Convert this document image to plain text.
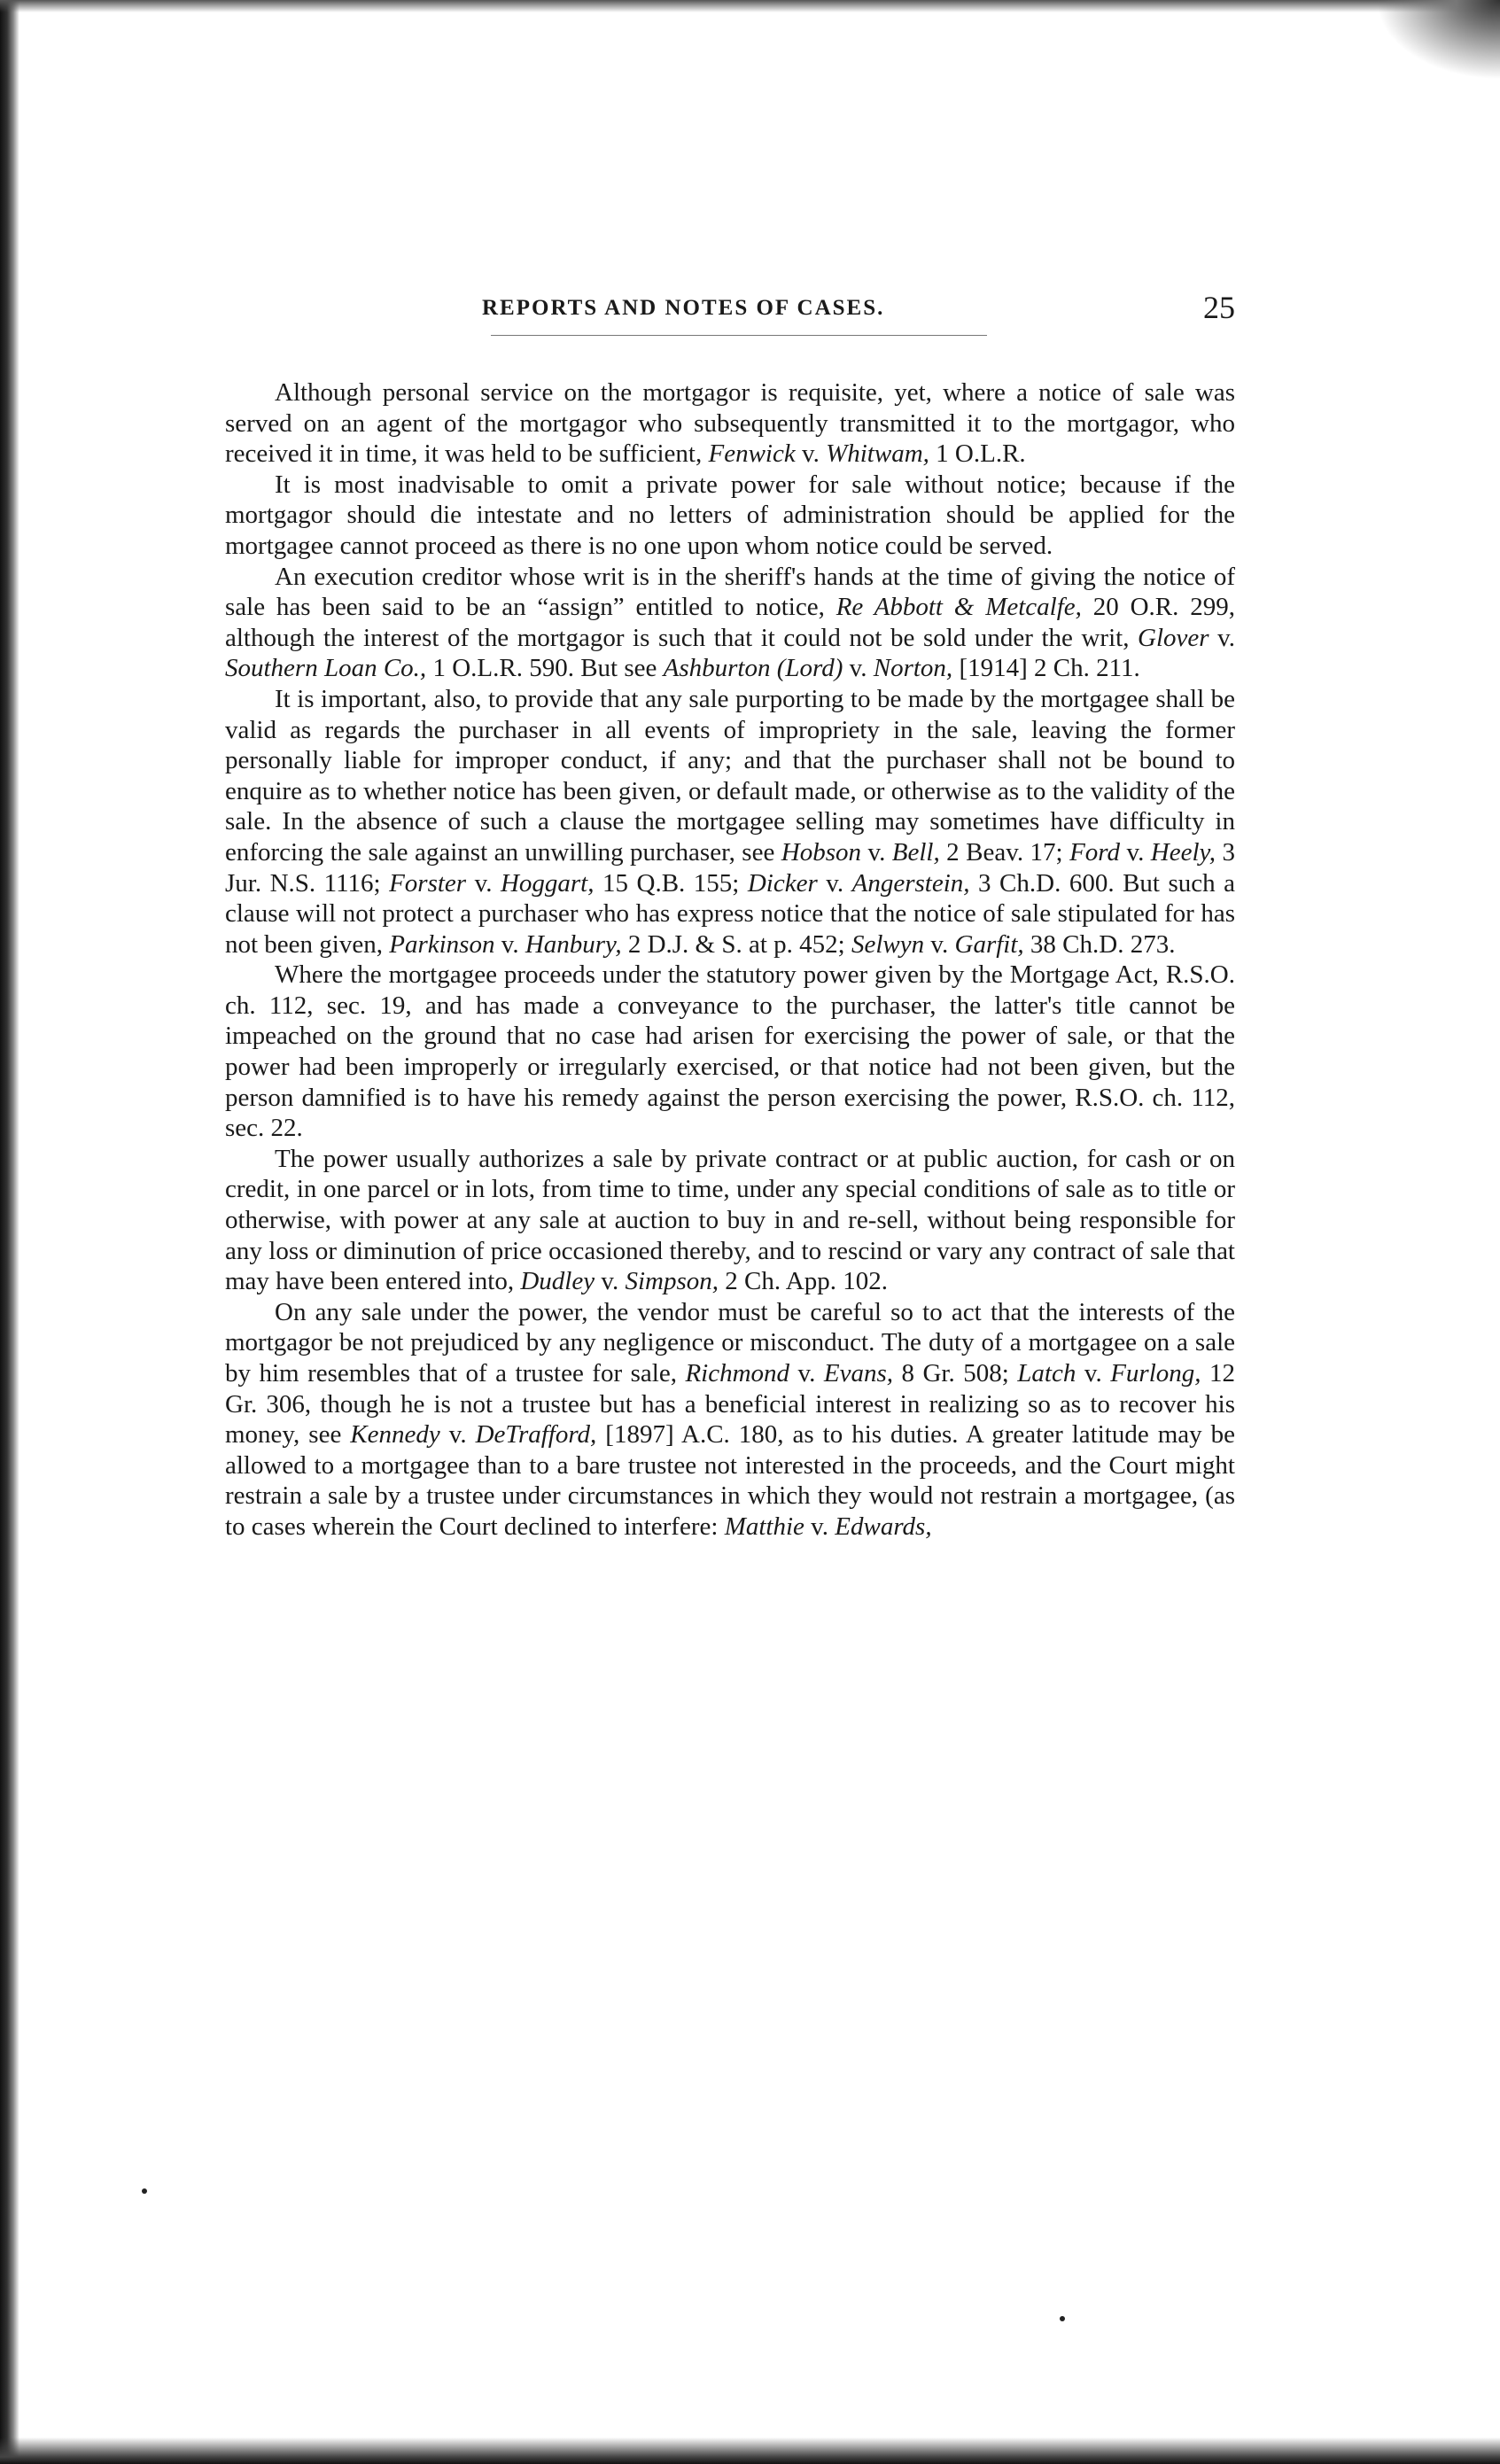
REPORTS AND NOTES OF CASES.	25

Although personal service on the mortgagor is requisite, yet, where a notice of sale was served on an agent of the mortgagor who subsequently transmitted it to the mortgagor, who received it in time, it was held to be sufficient, Fenwick v. Whitwam, 1 O.L.R.

It is most inadvisable to omit a private power for sale without notice; because if the mortgagor should die intestate and no letters of administration should be applied for the mortgagee cannot proceed as there is no one upon whom notice could be served.

An execution creditor whose writ is in the sheriff's hands at the time of giving the notice of sale has been said to be an “assign” entitled to notice, Re Abbott & Metcalfe, 20 O.R. 299, although the interest of the mortgagor is such that it could not be sold under the writ, Glover v. Southern Loan Co., 1 O.L.R. 590. But see Ashburton (Lord) v. Norton, [1914] 2 Ch. 211.

It is important, also, to provide that any sale purporting to be made by the mortgagee shall be valid as regards the purchaser in all events of impropriety in the sale, leaving the former personally liable for improper conduct, if any; and that the purchaser shall not be bound to enquire as to whether notice has been given, or default made, or otherwise as to the validity of the sale. In the absence of such a clause the mortgagee selling may sometimes have difficulty in enforcing the sale against an unwilling purchaser, see Hobson v. Bell, 2 Beav. 17; Ford v. Heely, 3 Jur. N.S. 1116; Forster v. Hoggart, 15 Q.B. 155; Dicker v. Angerstein, 3 Ch.D. 600. But such a clause will not protect a purchaser who has express notice that the notice of sale stipulated for has not been given, Parkinson v. Hanbury, 2 D.J. & S. at p. 452; Selwyn v. Garfit, 38 Ch.D. 273.

Where the mortgagee proceeds under the statutory power given by the Mortgage Act, R.S.O. ch. 112, sec. 19, and has made a conveyance to the purchaser, the latter's title cannot be impeached on the ground that no case had arisen for exercising the power of sale, or that the power had been improperly or irregularly exercised, or that notice had not been given, but the person damnified is to have his remedy against the person exercising the power, R.S.O. ch. 112, sec. 22.

The power usually authorizes a sale by private contract or at public auction, for cash or on credit, in one parcel or in lots, from time to time, under any special conditions of sale as to title or otherwise, with power at any sale at auction to buy in and re-sell, without being responsible for any loss or diminution of price occasioned thereby, and to rescind or vary any contract of sale that may have been entered into, Dudley v. Simpson, 2 Ch. App. 102.

On any sale under the power, the vendor must be careful so to act that the interests of the mortgagor be not prejudiced by any negligence or misconduct. The duty of a mortgagee on a sale by him resembles that of a trustee for sale, Richmond v. Evans, 8 Gr. 508; Latch v. Furlong, 12 Gr. 306, though he is not a trustee but has a beneficial interest in realizing so as to recover his money, see Kennedy v. DeTrafford, [1897] A.C. 180, as to his duties. A greater latitude may be allowed to a mortgagee than to a bare trustee not interested in the proceeds, and the Court might restrain a sale by a trustee under circumstances in which they would not restrain a mortgagee, (as to cases wherein the Court declined to interfere: Matthie v. Edwards,
